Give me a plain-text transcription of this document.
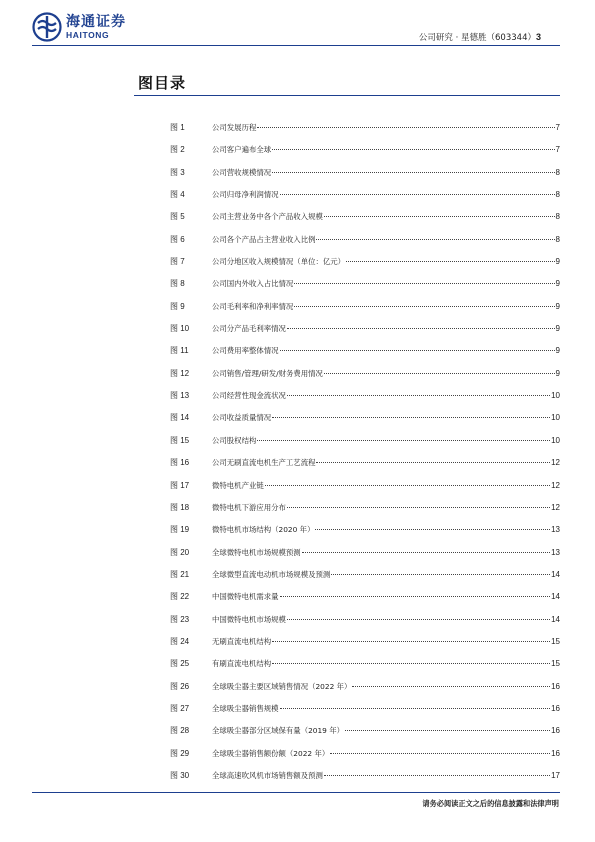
海通证券
HAITONG	公司研究 · 星德胜（603344）3
图目录
图 1	公司发展历程	7
图 2	公司客户遍布全球	7
图 3	公司营收规模情况	8
图 4	公司归母净利润情况	8
图 5	公司主营业务中各个产品收入规模	8
图 6	公司各个产品占主营业收入比例	8
图 7	公司分地区收入规模情况（单位：亿元）	9
图 8	公司国内外收入占比情况	9
图 9	公司毛利率和净利率情况	9
图 10	公司分产品毛利率情况	9
图 11	公司费用率整体情况	9
图 12	公司销售/管理/研发/财务费用情况	9
图 13	公司经营性现金流状况	10
图 14	公司收益质量情况	10
图 15	公司股权结构	10
图 16	公司无刷直流电机生产工艺流程	12
图 17	微特电机产业链	12
图 18	微特电机下游应用分布	12
图 19	微特电机市场结构（2020 年）	13
图 20	全球微特电机市场规模预测	13
图 21	全球微型直流电动机市场规模及预测	14
图 22	中国微特电机需求量	14
图 23	中国微特电机市场规模	14
图 24	无刷直流电机结构	15
图 25	有刷直流电机结构	15
图 26	全球吸尘器主要区域销售情况（2022 年）	16
图 27	全球吸尘器销售规模	16
图 28	全球吸尘器部分区域保有量（2019 年）	16
图 29	全球吸尘器销售额份额（2022 年）	16
图 30	全球高速吹风机市场销售额及预测	17
请务必阅读正文之后的信息披露和法律声明
